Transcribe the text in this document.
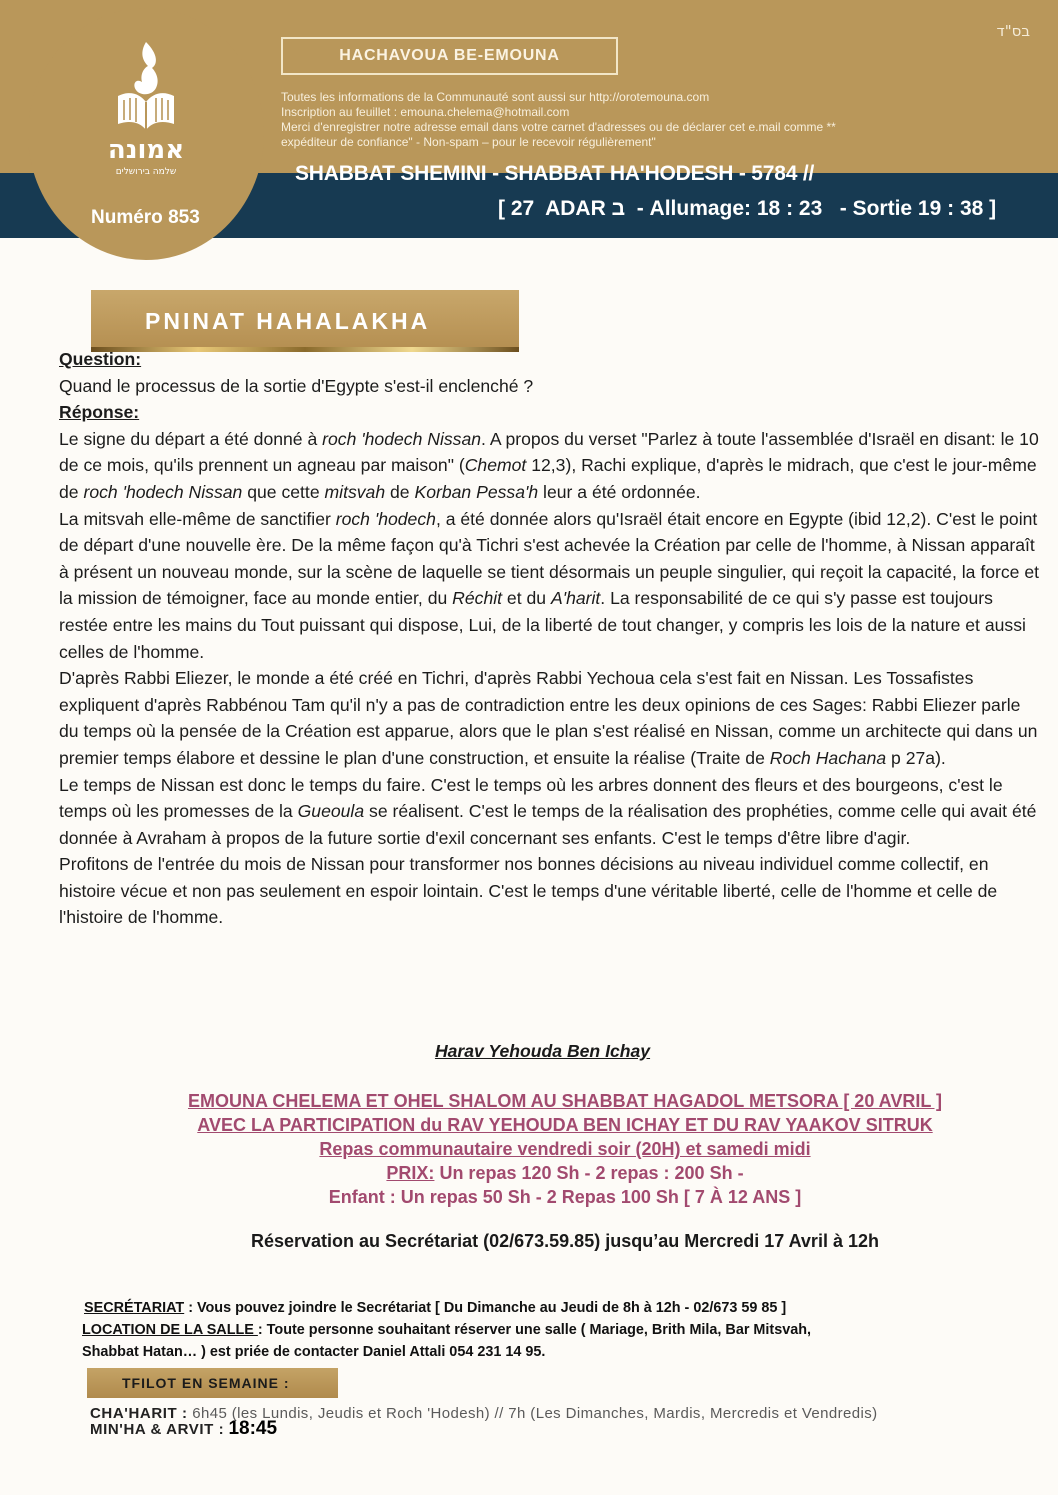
בס"ד
אמונה
שלמה בירושלים
Numéro 853
HACHAVOUA BE-EMOUNA
Toutes les informations de la Communauté sont aussi sur http://orotemouna.com
Inscription au feuillet : emouna.chelema@hotmail.com
Merci d'enregistrer notre adresse email dans votre carnet d'adresses ou de déclarer cet e.mail comme **
expéditeur de confiance" - Non-spam – pour le recevoir régulièrement"
SHABBAT SHEMINI - SHABBAT HA'HODESH - 5784 //
[ 27  ADAR ב  - Allumage: 18 : 23   - Sortie 19 : 38 ]
PNINAT HAHALAKHA

Question:

Quand le processus de la sortie d'Egypte s'est-il enclenché ?

Réponse:

Le signe du départ a été donné à roch 'hodech Nissan. A propos du verset "Parlez à toute l'assemblée d'Israël en disant: le 10 de ce mois, qu'ils prennent un agneau par maison" (Chemot 12,3), Rachi explique, d'après le midrach, que c'est le jour-même de roch 'hodech Nissan que cette mitsvah de Korban Pessa'h leur a été ordonnée.

La mitsvah elle-même de sanctifier roch 'hodech, a été donnée alors qu'Israël était encore en Egypte (ibid 12,2). C'est le point de départ d'une nouvelle ère. De la même façon qu'à Tichri s'est achevée la Création par celle de l'homme, à Nissan apparaît à présent un nouveau monde, sur la scène de laquelle se tient désormais un peuple singulier, qui reçoit la capacité, la force et la mission de témoigner, face au monde entier, du Réchit et du A'harit. La responsabilité de ce qui s'y passe est toujours restée entre les mains du Tout puissant qui dispose, Lui, de la liberté de tout changer, y compris les lois de la nature et aussi celles de l'homme.

D'après Rabbi Eliezer, le monde a été créé en Tichri, d'après Rabbi Yechoua cela s'est fait en Nissan. Les Tossafistes expliquent d'après Rabbénou Tam qu'il n'y a pas de contradiction entre les deux opinions de ces Sages: Rabbi Eliezer parle du temps où la pensée de la Création est apparue, alors que le plan s'est réalisé en Nissan, comme un architecte qui dans un premier temps élabore et dessine le plan d'une construction, et ensuite la réalise (Traite de Roch Hachana p 27a).

Le temps de Nissan est donc le temps du faire. C'est le temps où les arbres donnent des fleurs et des bourgeons, c'est le temps où les promesses de la Gueoula se réalisent. C'est le temps de la réalisation des prophéties, comme celle qui avait été donnée à Avraham à propos de la future sortie d'exil concernant ses enfants. C'est le temps d'être libre d'agir.

Profitons de l'entrée du mois de Nissan pour transformer nos bonnes décisions au niveau individuel comme collectif, en histoire vécue et non pas seulement en espoir lointain. C'est le temps d'une véritable liberté, celle de l'homme et celle de l'histoire de l'homme.

Harav Yehouda Ben Ichay
EMOUNA CHELEMA ET OHEL SHALOM AU SHABBAT HAGADOL METSORA [ 20 AVRIL ]
AVEC LA PARTICIPATION du RAV YEHOUDA BEN ICHAY ET DU RAV YAAKOV SITRUK
Repas communautaire vendredi soir (20H) et samedi midi
PRIX: Un repas 120 Sh - 2 repas : 200 Sh -
Enfant : Un repas 50 Sh - 2 Repas 100 Sh [ 7 À 12 ANS ]
Réservation au Secrétariat (02/673.59.85) jusqu’au Mercredi 17 Avril à 12h
SECRÉTARIAT : Vous pouvez joindre le Secrétariat [ Du Dimanche au Jeudi de 8h à 12h - 02/673 59 85 ]
LOCATION DE LA SALLE : Toute personne souhaitant réserver une salle ( Mariage, Brith Mila, Bar Mitsvah,
Shabbat Hatan… ) est priée de contacter Daniel Attali 054 231 14 95.
TFILOT EN SEMAINE :
CHA'HARIT : 6h45 (les Lundis, Jeudis et Roch 'Hodesh) // 7h (Les Dimanches, Mardis, Mercredis et Vendredis)
MIN'HA & ARVIT : 18:45
